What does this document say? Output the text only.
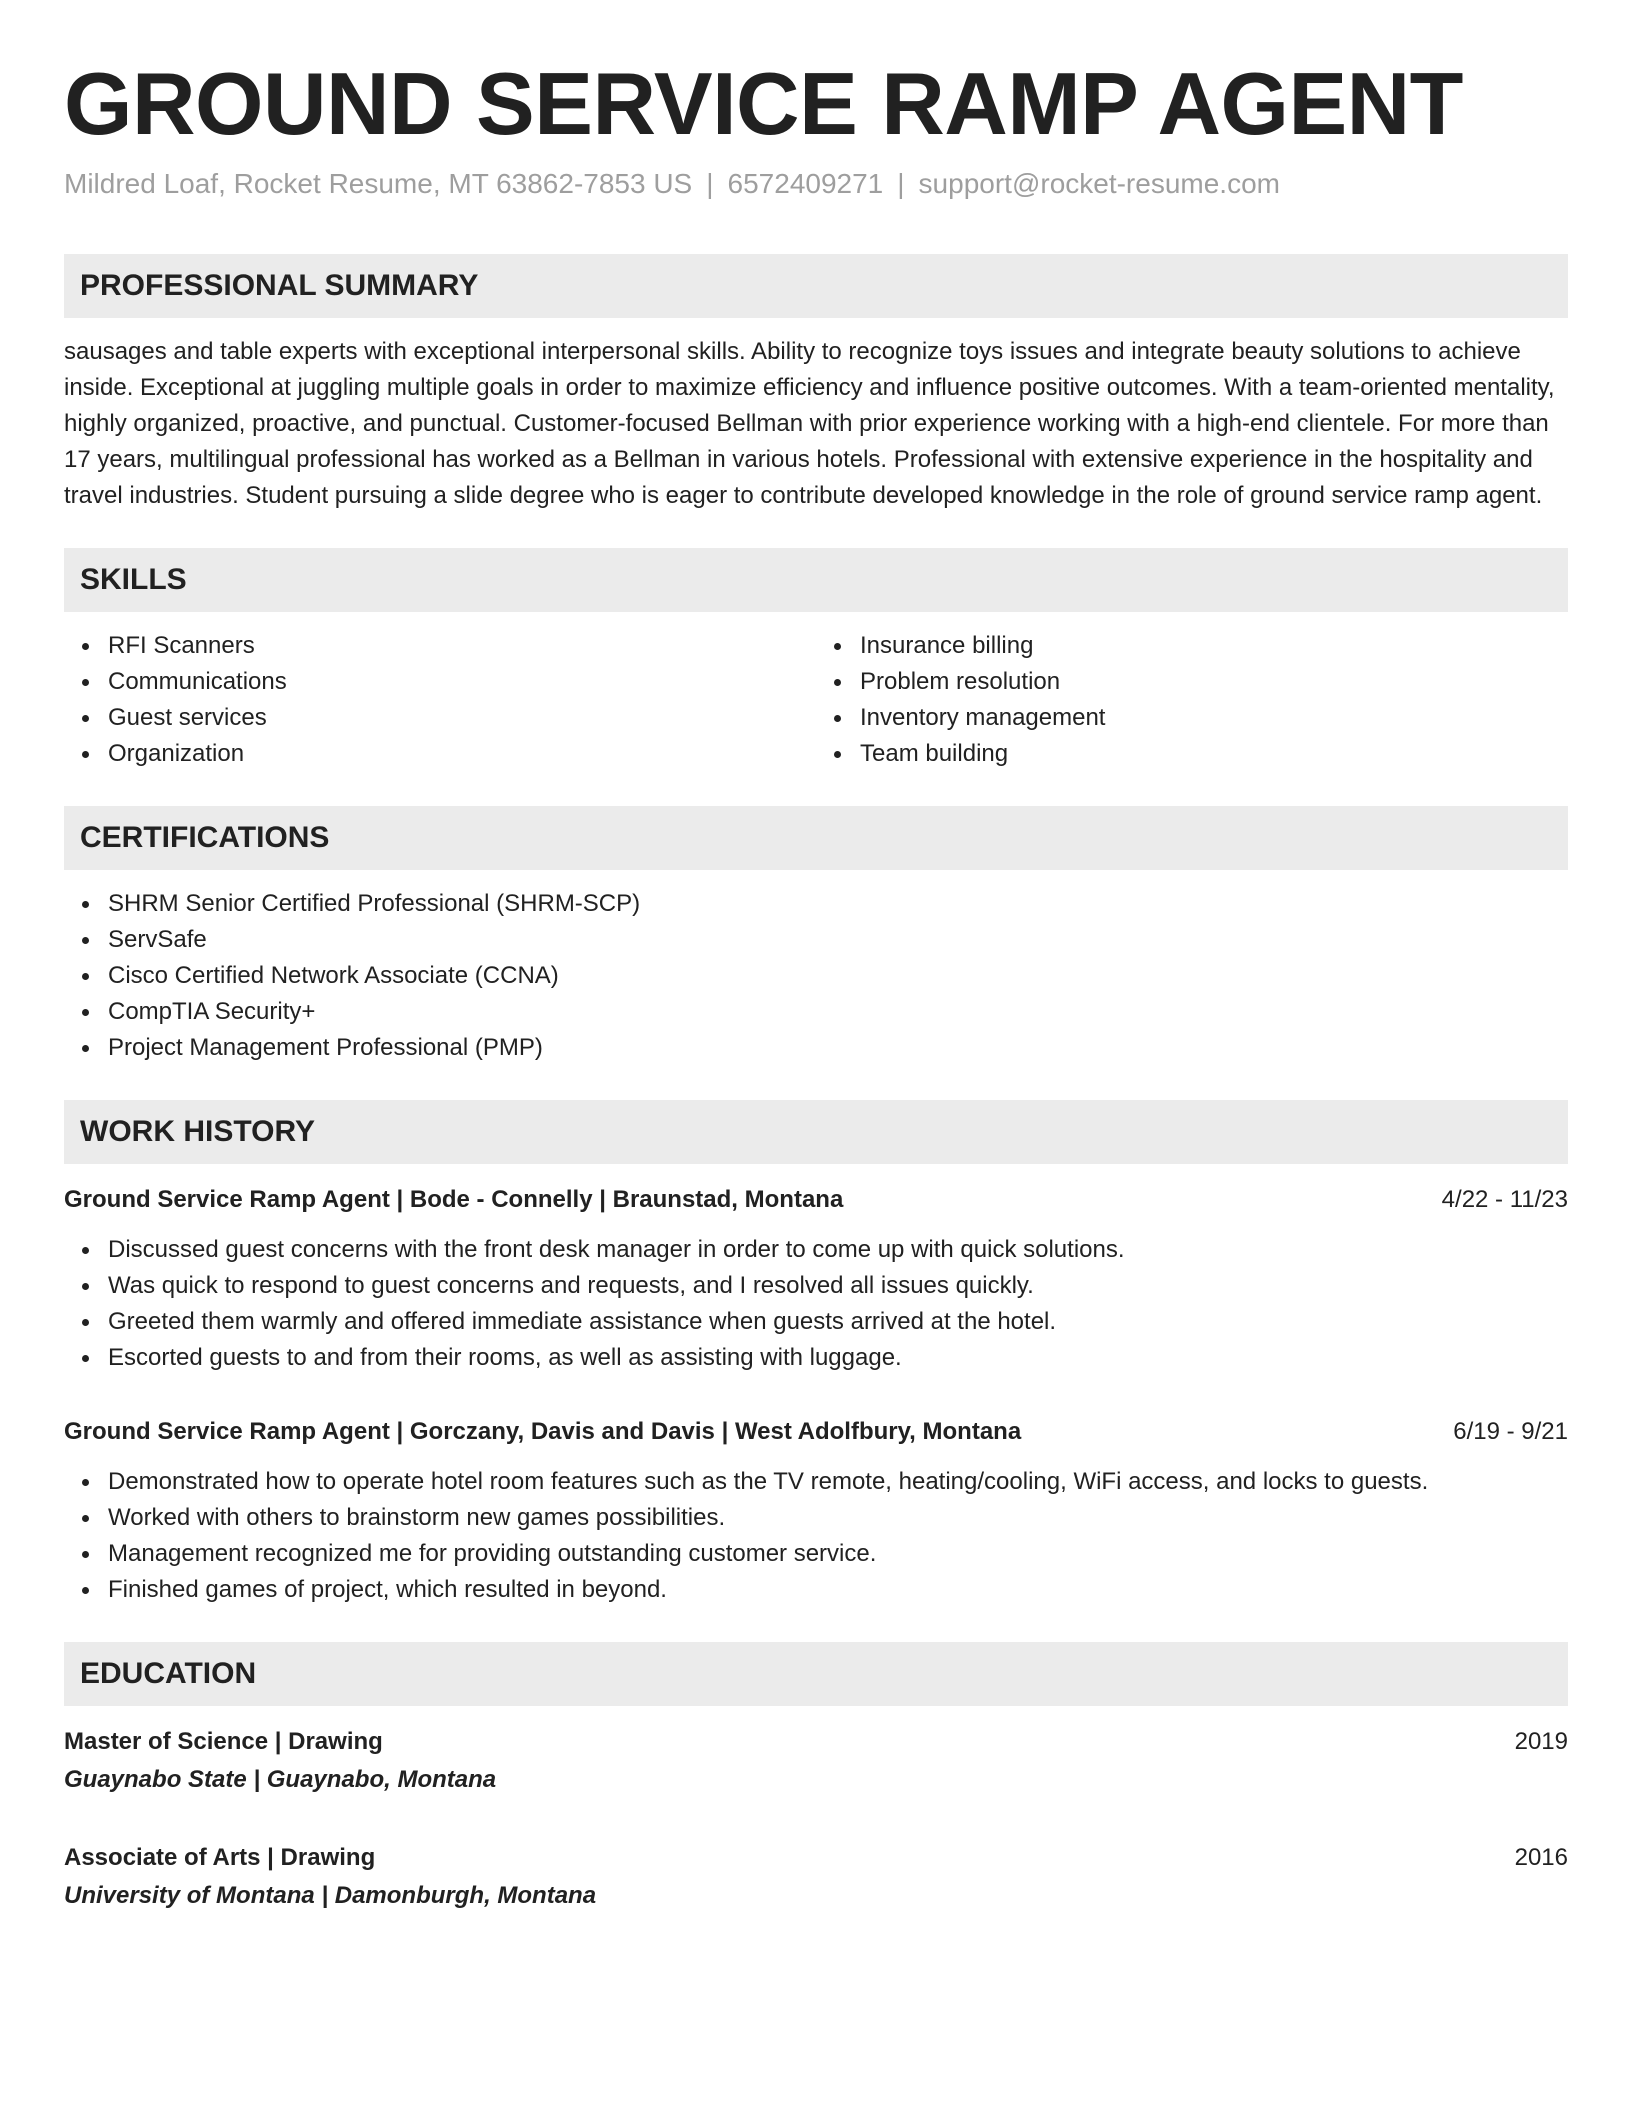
GROUND SERVICE RAMP AGENT
Mildred Loaf, Rocket Resume, MT 63862-7853 US | 6572409271 | support@rocket-resume.com
PROFESSIONAL SUMMARY
sausages and table experts with exceptional interpersonal skills. Ability to recognize toys issues and integrate beauty solutions to achieve inside. Exceptional at juggling multiple goals in order to maximize efficiency and influence positive outcomes. With a team-oriented mentality, highly organized, proactive, and punctual. Customer-focused Bellman with prior experience working with a high-end clientele. For more than 17 years, multilingual professional has worked as a Bellman in various hotels. Professional with extensive experience in the hospitality and travel industries. Student pursuing a slide degree who is eager to contribute developed knowledge in the role of ground service ramp agent.
SKILLS
RFI Scanners
Communications
Guest services
Organization
Insurance billing
Problem resolution
Inventory management
Team building
CERTIFICATIONS
SHRM Senior Certified Professional (SHRM-SCP)
ServSafe
Cisco Certified Network Associate (CCNA)
CompTIA Security+
Project Management Professional (PMP)
WORK HISTORY
Ground Service Ramp Agent | Bode - Connelly | Braunstad, Montana	4/22 - 11/23
Discussed guest concerns with the front desk manager in order to come up with quick solutions.
Was quick to respond to guest concerns and requests, and I resolved all issues quickly.
Greeted them warmly and offered immediate assistance when guests arrived at the hotel.
Escorted guests to and from their rooms, as well as assisting with luggage.
Ground Service Ramp Agent | Gorczany, Davis and Davis | West Adolfbury, Montana	6/19 - 9/21
Demonstrated how to operate hotel room features such as the TV remote, heating/cooling, WiFi access, and locks to guests.
Worked with others to brainstorm new games possibilities.
Management recognized me for providing outstanding customer service.
Finished games of project, which resulted in beyond.
EDUCATION
Master of Science | Drawing	2019
Guaynabo State | Guaynabo, Montana
Associate of Arts | Drawing	2016
University of Montana | Damonburgh, Montana
